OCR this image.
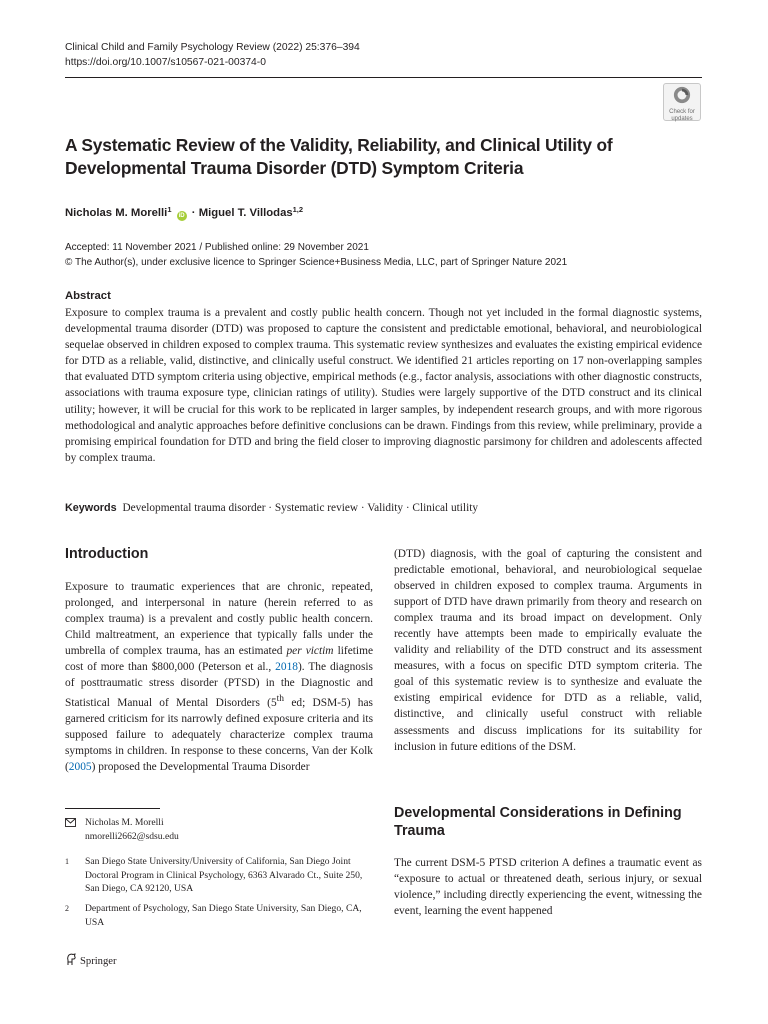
Clinical Child and Family Psychology Review (2022) 25:376–394
https://doi.org/10.1007/s10567-021-00374-0
Check for updates
A Systematic Review of the Validity, Reliability, and Clinical Utility of Developmental Trauma Disorder (DTD) Symptom Criteria
Nicholas M. Morelli$^1$ iD · Miguel T. Villodas$^{1,2}$
Accepted: 11 November 2021 / Published online: 29 November 2021
© The Author(s), under exclusive licence to Springer Science+Business Media, LLC, part of Springer Nature 2021
Abstract
Exposure to complex trauma is a prevalent and costly public health concern. Though not yet included in the formal diagnostic systems, developmental trauma disorder (DTD) was proposed to capture the consistent and predictable emotional, behavioral, and neurobiological sequelae observed in children exposed to complex trauma. This systematic review synthesizes and evaluates the existing empirical evidence for DTD as a reliable, valid, distinctive, and clinically useful construct. We identified 21 articles reporting on 17 non-overlapping samples that evaluated DTD symptom criteria using objective, empirical methods (e.g., factor analysis, associations with other diagnostic constructs, associations with trauma exposure type, clinician ratings of utility). Studies were largely supportive of the DTD construct and its clinical utility; however, it will be crucial for this work to be replicated in larger samples, by independent research groups, and with more rigorous methodological and analytic approaches before definitive conclusions can be drawn. Findings from this review, while preliminary, provide a promising empirical foundation for DTD and bring the field closer to improving diagnostic parsimony for children and adolescents affected by complex trauma.
Keywords Developmental trauma disorder · Systematic review · Validity · Clinical utility
Introduction

Exposure to traumatic experiences that are chronic, repeated, prolonged, and interpersonal in nature (herein referred to as complex trauma) is a prevalent and costly public health concern. Child maltreatment, an experience that typically falls under the umbrella of complex trauma, has an estimated per victim lifetime cost of more than $800,000 (Peterson et al., 2018). The diagnosis of posttraumatic stress disorder (PTSD) in the Diagnostic and Statistical Manual of Mental Disorders (5th ed; DSM-5) has garnered criticism for its narrowly defined exposure criteria and its supposed failure to adequately characterize complex trauma symptoms in children. In response to these concerns, Van der Kolk (2005) proposed the Developmental Trauma Disorder

(DTD) diagnosis, with the goal of capturing the consistent and predictable emotional, behavioral, and neurobiological sequelae observed in children exposed to complex trauma. Arguments in support of DTD have drawn primarily from theory and research on complex trauma and its broad impact on development. Only recently have attempts been made to empirically evaluate the validity and reliability of the DTD construct and its assessment measures, with a focus on specific DTD symptom criteria. The goal of this systematic review is to synthesize and evaluate the existing empirical evidence for DTD as a reliable, valid, distinctive, and clinically useful construct with reliable assessments and discuss implications for its suitability for inclusion in future editions of the DSM.

Developmental Considerations in Defining Trauma

The current DSM-5 PTSD criterion A defines a traumatic event as “exposure to actual or threatened death, serious injury, or sexual violence,” including directly experiencing the event, witnessing the event, learning the event happened

Nicholas M. Morelli
nmorelli2662@sdsu.edu
1 San Diego State University/University of California, San Diego Joint Doctoral Program in Clinical Psychology, 6363 Alvarado Ct., Suite 250, San Diego, CA 92120, USA
2 Department of Psychology, San Diego State University, San Diego, CA, USA
Springer
